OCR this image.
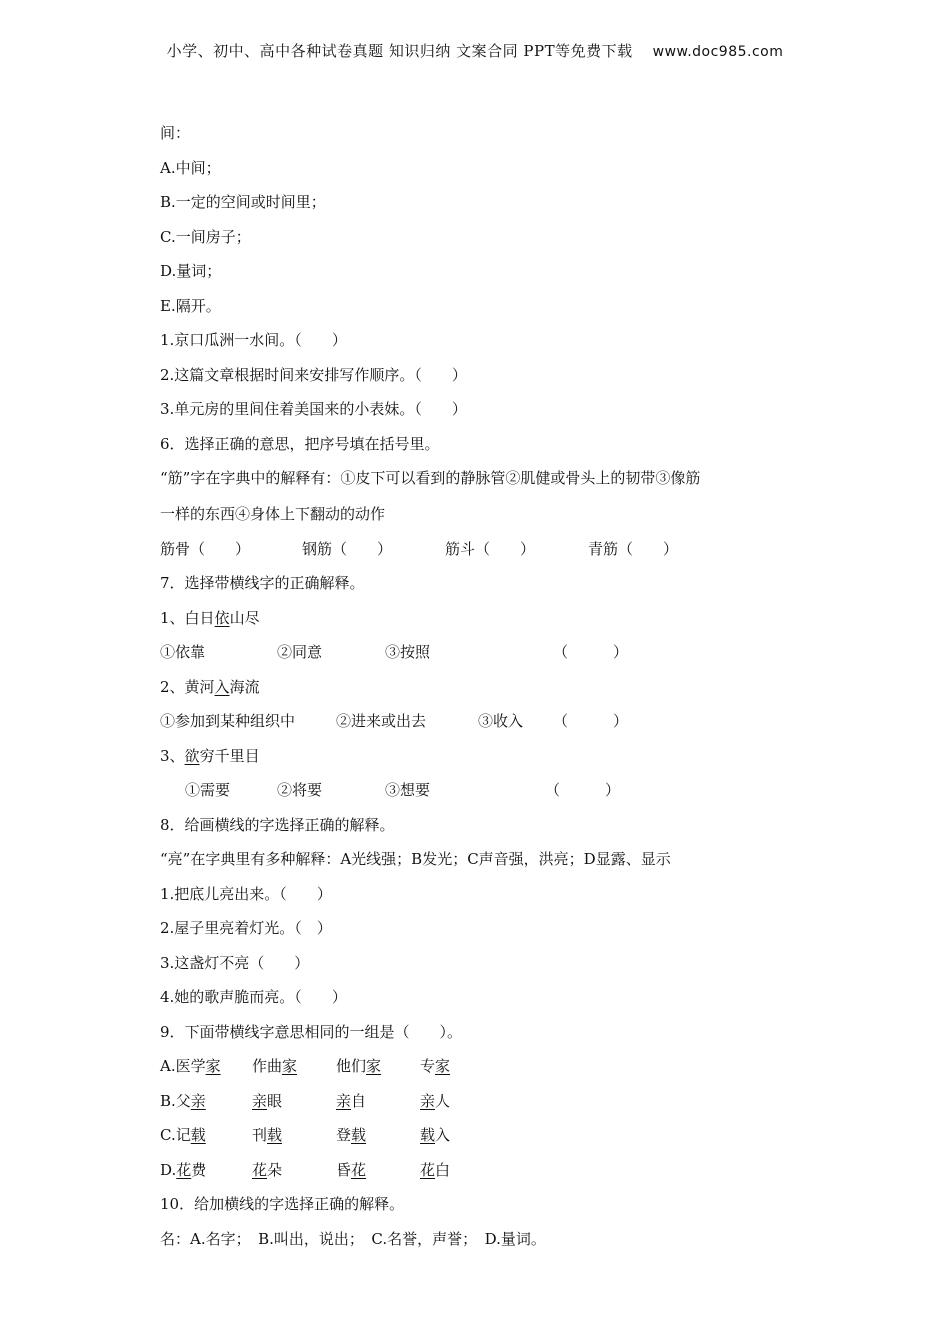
小学、初中、高中各种试卷真题 知识归纳 文案合同 PPT等免费下载 www.doc985.com
间：
A.中间；
B.一定的空间或时间里；
C.一间房子；
D.量词；
E.隔开。
1.京口瓜洲一水间。（　　）
2.这篇文章根据时间来安排写作顺序。（　　）
3.单元房的里间住着美国来的小表妹。（　　）
6．选择正确的意思，把序号填在括号里。
“筋”字在字典中的解释有：①皮下可以看到的静脉管②肌健或骨头上的韧带③像筋
一样的东西④身体上下翻动的动作
筋骨（　　）	钢筋（　　）	筋斗（　　）	青筋（　　）
7．选择带横线字的正确解释。
1、白日依山尽
①依靠	②同意	③按照	（　　　）
2、黄河入海流
①参加到某种组织中	②进来或出去	③收入 （　　　）
3、欲穷千里目
①需要	②将要	③想要	（　　　）
8．给画横线的字选择正确的解释。
“亮”在字典里有多种解释：A光线强；B发光；C声音强，洪亮；D显露、显示
1.把底儿亮出来。（　　）
2.屋子里亮着灯光。（　）
3.这盏灯不亮（　　）
4.她的歌声脆而亮。（　　）
9．下面带横线字意思相同的一组是（　　）。
A.医学家 作曲家	他们家	专家
B.父亲	亲眼	亲自	亲人
C.记载	刊载	登载	载入
D.花费	花朵	昏花	花白
10．给加横线的字选择正确的解释。
名：A.名字；　B.叫出，说出；　C.名誉，声誉；　D.量词。
